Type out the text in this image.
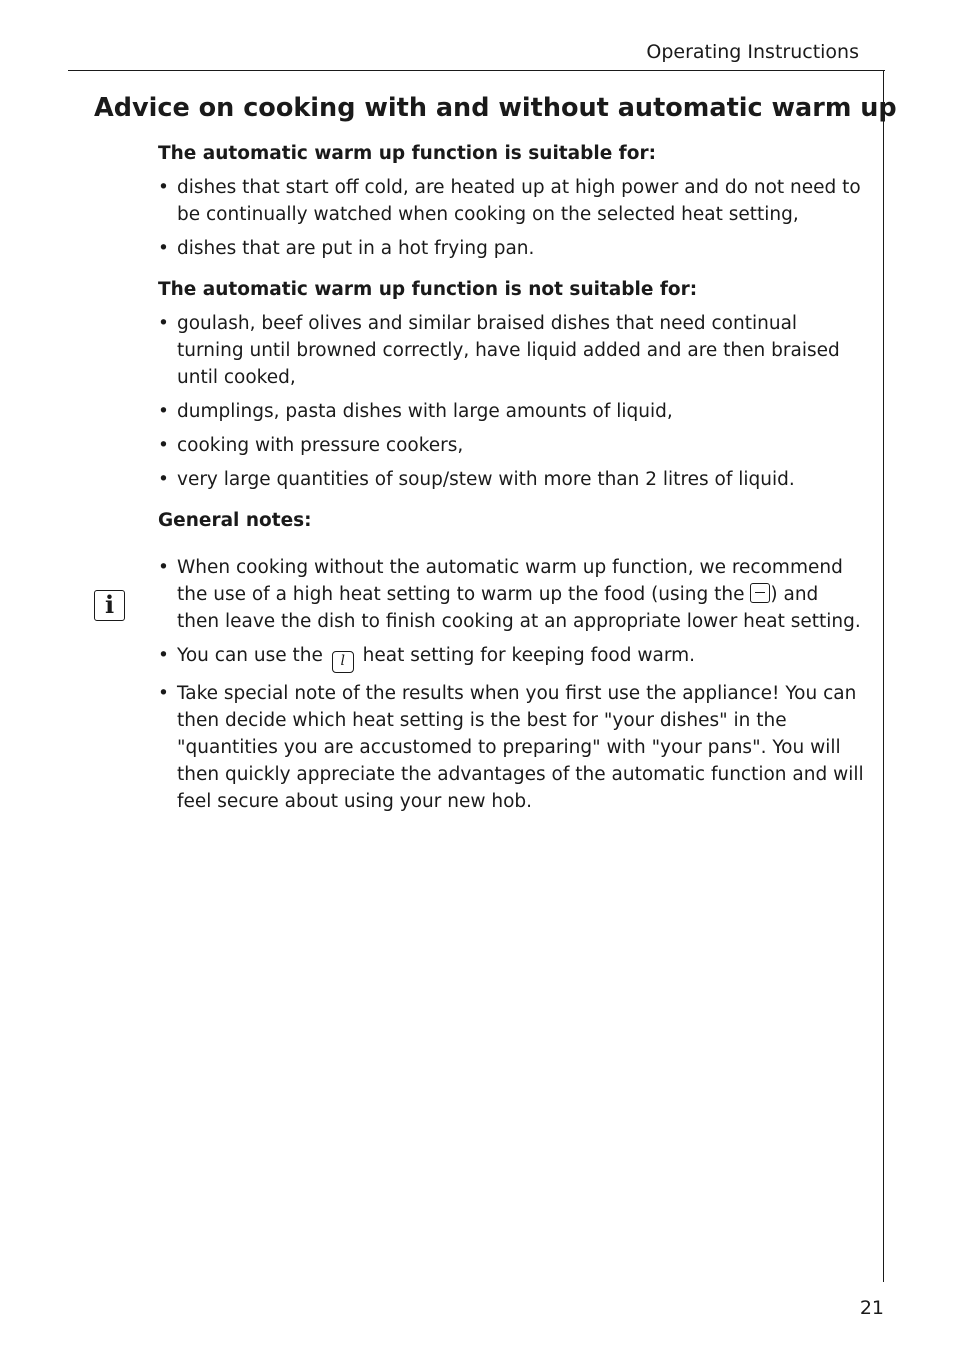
Operating Instructions
Advice on cooking with and without automatic warm up
i
The automatic warm up function is suitable for:
• dishes that start off cold, are heated up at high power and do not need to be continually watched when cooking on the selected heat setting,
• dishes that are put in a hot frying pan.
The automatic warm up function is not suitable for:
• goulash, beef olives and similar braised dishes that need continual turning until browned correctly, have liquid added and are then braised until cooked,
• dumplings, pasta dishes with large amounts of liquid,
• cooking with pressure cookers,
• very large quantities of soup/stew with more than 2 litres of liquid.
General notes:
• When cooking without the automatic warm up function, we recommend the use of a high heat setting to warm up the food (using the ) and then leave the dish to finish cooking at an appropriate lower heat setting.
• You can use the l heat setting for keeping food warm.
• Take special note of the results when you first use the appliance! You can then decide which heat setting is the best for "your dishes" in the "quantities you are accustomed to preparing" with "your pans". You will then quickly appreciate the advantages of the automatic function and will feel secure about using your new hob.
21
